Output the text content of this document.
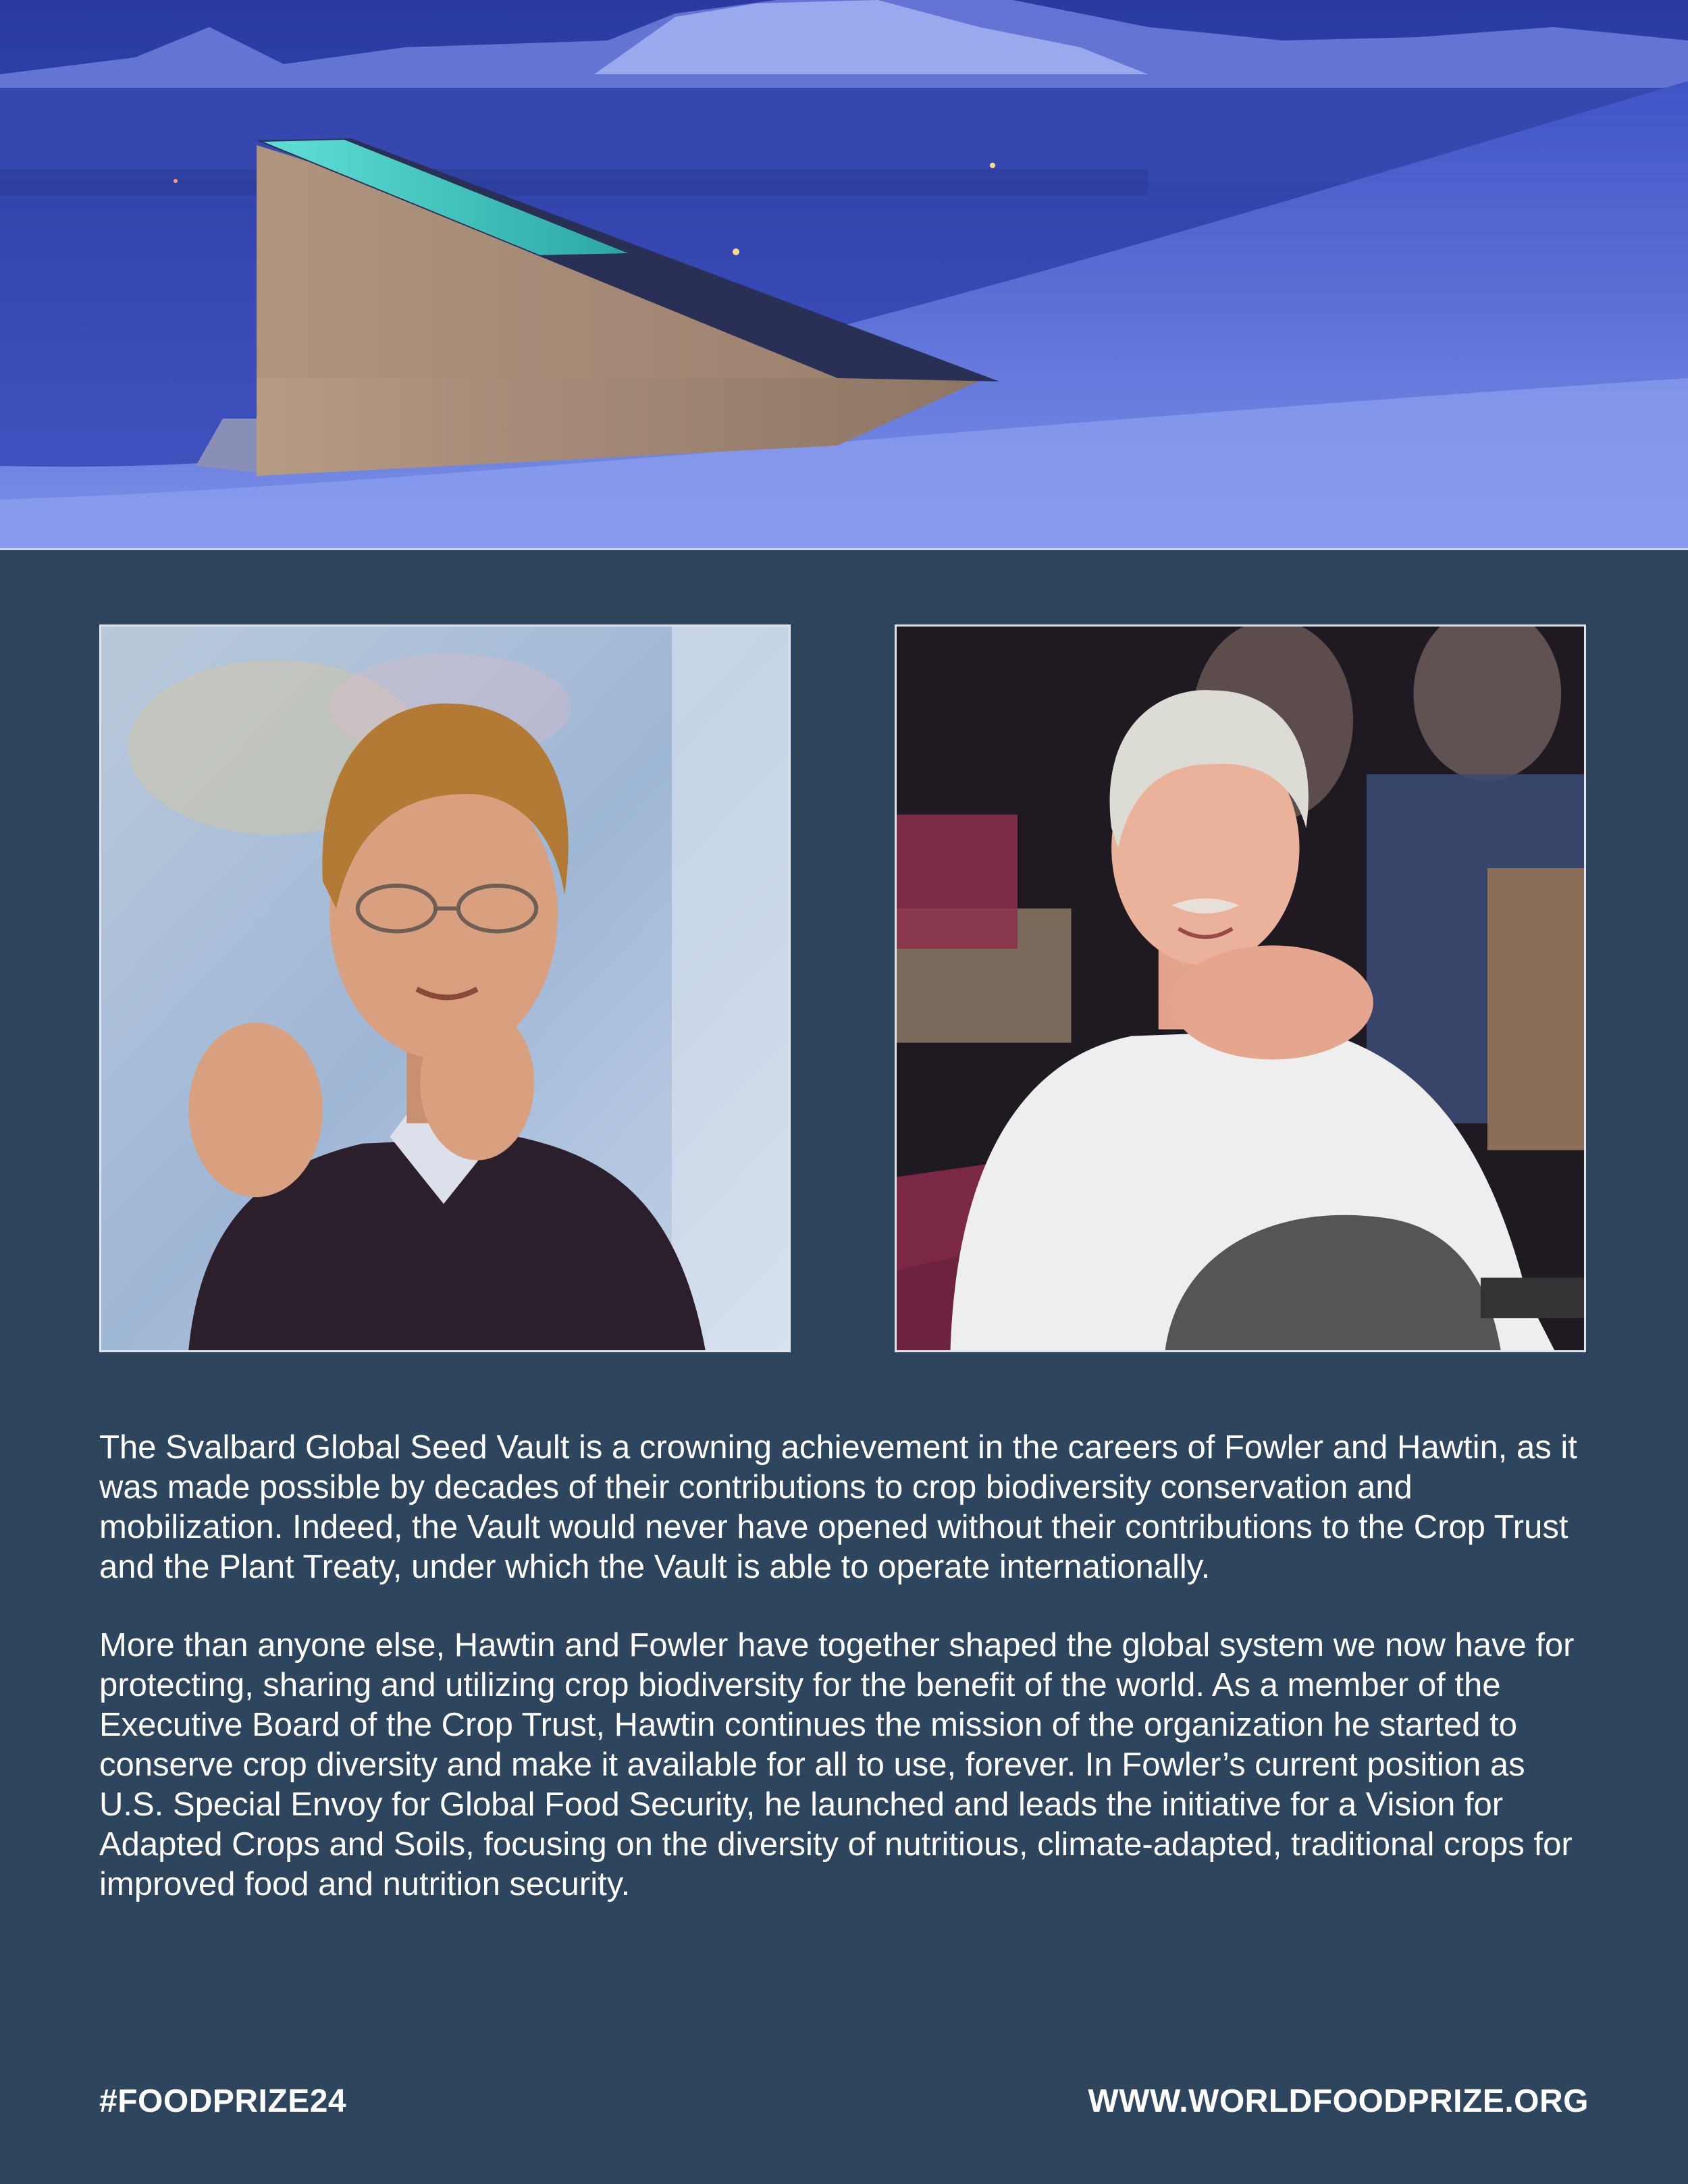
The Svalbard Global Seed Vault is a crowning achievement in the careers of Fowler and Hawtin, as it was made possible by decades of their contributions to crop biodiversity conservation and mobilization. Indeed, the Vault would never have opened without their contributions to the Crop Trust and the Plant Treaty, under which the Vault is able to operate internationally.

More than anyone else, Hawtin and Fowler have together shaped the global system we now have for protecting, sharing and utilizing crop biodiversity for the benefit of the world. As a member of the Executive Board of the Crop Trust, Hawtin continues the mission of the organization he started to conserve crop diversity and make it available for all to use, forever. In Fowler’s current position as U.S. Special Envoy for Global Food Security, he launched and leads the initiative for a Vision for Adapted Crops and Soils, focusing on the diversity of nutritious, climate-adapted, traditional crops for improved food and nutrition security.

#FOODPRIZE24	WWW.WORLDFOODPRIZE.ORG
